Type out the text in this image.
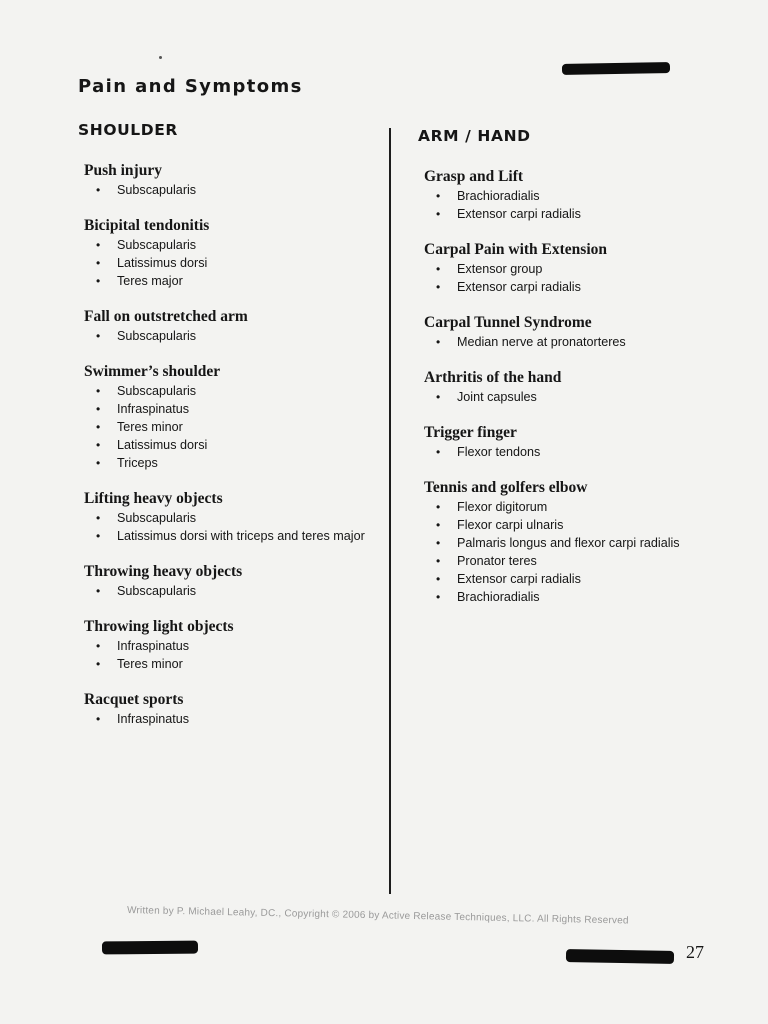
Pain and Symptoms
SHOULDER
Push injury
• Subscapularis
Bicipital tendonitis
• Subscapularis
• Latissimus dorsi
• Teres major
Fall on outstretched arm
• Subscapularis
Swimmer’s shoulder
• Subscapularis
• Infraspinatus
• Teres minor
• Latissimus dorsi
• Triceps
Lifting heavy objects
• Subscapularis
• Latissimus dorsi with triceps and teres major
Throwing heavy objects
• Subscapularis
Throwing light objects
• Infraspinatus
• Teres minor
Racquet sports
• Infraspinatus
ARM / HAND
Grasp and Lift
• Brachioradialis
• Extensor carpi radialis
Carpal Pain with Extension
• Extensor group
• Extensor carpi radialis
Carpal Tunnel Syndrome
• Median nerve at pronatorteres
Arthritis of the hand
• Joint capsules
Trigger finger
• Flexor tendons
Tennis and golfers elbow
• Flexor digitorum
• Flexor carpi ulnaris
• Palmaris longus and flexor carpi radialis
• Pronator teres
• Extensor carpi radialis
• Brachioradialis
Written by P. Michael Leahy, DC., Copyright © 2006 by Active Release Techniques, LLC. All Rights Reserved
27
